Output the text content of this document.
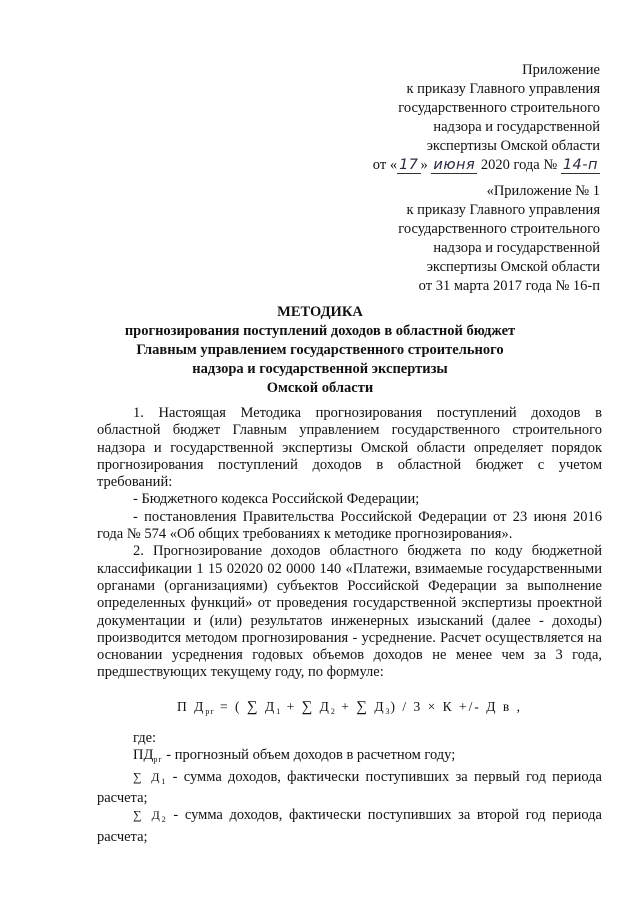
Приложение
к приказу Главного управления
государственного строительного
надзора и государственной
экспертизы Омской области
от « 17 » июня 2020 года № 14-п
«Приложение № 1
к приказу Главного управления
государственного строительного
надзора и государственной
экспертизы Омской области
от 31 марта 2017 года № 16-п
МЕТОДИКА
прогнозирования поступлений доходов в областной бюджет
Главным управлением государственного строительного
надзора и государственной экспертизы
Омской области

1. Настоящая Методика прогнозирования поступлений доходов в областной бюджет Главным управлением государственного строительного надзора и государственной экспертизы Омской области определяет порядок прогнозирования поступлений доходов в областной бюджет с учетом требований:

- Бюджетного кодекса Российской Федерации;

- постановления Правительства Российской Федерации от 23 июня 2016 года № 574 «Об общих требованиях к методике прогнозирования».

2. Прогнозирование доходов областного бюджета по коду бюджетной классификации 1 15 02020 02 0000 140 «Платежи, взимаемые государственными органами (организациями) субъектов Российской Федерации за выполнение определенных функций» от проведения государственной экспертизы проектной документации и (или) результатов инженерных изысканий (далее - доходы) производится методом прогнозирования - усреднение. Расчет осуществляется на основании усреднения годовых объемов доходов не менее чем за 3 года, предшествующих текущему году, по формуле:

П $Д_{рг}$ = ( ∑ $Д_1$ + ∑ $Д_2$ + ∑ $Д_3) / 3 \times К$ +/- Д в ,

где:

$ПД_{рг}$ - прогнозный объем доходов в расчетном году;

∑ $Д_1$ - сумма доходов, фактически поступивших за первый год периода расчета;

∑ $Д_2$ - сумма доходов, фактически поступивших за второй год периода расчета;
